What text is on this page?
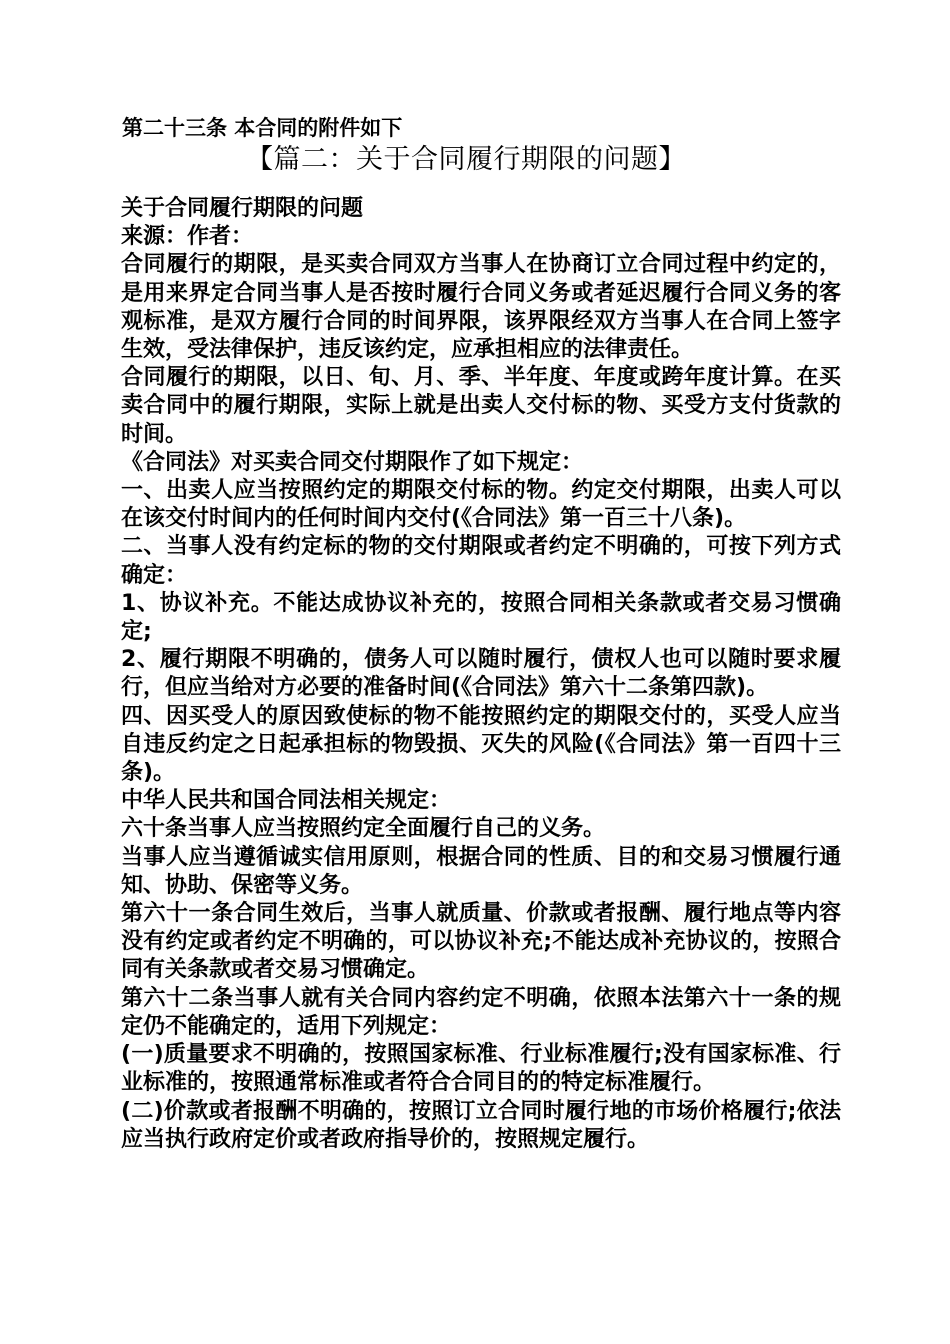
第二十三条 本合同的附件如下
【篇二：关于合同履行期限的问题】

关于合同履行期限的问题

来源：作者：

合同履行的期限，是买卖合同双方当事人在协商订立合同过程中约定的，是用来界定合同当事人是否按时履行合同义务或者延迟履行合同义务的客观标准，是双方履行合同的时间界限，该界限经双方当事人在合同上签字生效，受法律保护，违反该约定，应承担相应的法律责任。

合同履行的期限，以日、旬、月、季、半年度、年度或跨年度计算。在买卖合同中的履行期限，实际上就是出卖人交付标的物、买受方支付货款的时间。

《合同法》对买卖合同交付期限作了如下规定：

一、出卖人应当按照约定的期限交付标的物。约定交付期限，出卖人可以在该交付时间内的任何时间内交付(《合同法》第一百三十八条)。

二、当事人没有约定标的物的交付期限或者约定不明确的，可按下列方式确定：

1、协议补充。不能达成协议补充的，按照合同相关条款或者交易习惯确定;

2、履行期限不明确的，债务人可以随时履行，债权人也可以随时要求履行，但应当给对方必要的准备时间(《合同法》第六十二条第四款)。

四、因买受人的原因致使标的物不能按照约定的期限交付的，买受人应当自违反约定之日起承担标的物毁损、灭失的风险(《合同法》第一百四十三条)。

中华人民共和国合同法相关规定：

六十条当事人应当按照约定全面履行自己的义务。

当事人应当遵循诚实信用原则，根据合同的性质、目的和交易习惯履行通知、协助、保密等义务。

第六十一条合同生效后，当事人就质量、价款或者报酬、履行地点等内容没有约定或者约定不明确的，可以协议补充;不能达成补充协议的，按照合同有关条款或者交易习惯确定。

第六十二条当事人就有关合同内容约定不明确，依照本法第六十一条的规定仍不能确定的，适用下列规定：

(一)质量要求不明确的，按照国家标准、行业标准履行;没有国家标准、行业标准的，按照通常标准或者符合合同目的的特定标准履行。

(二)价款或者报酬不明确的，按照订立合同时履行地的市场价格履行;依法应当执行政府定价或者政府指导价的，按照规定履行。
